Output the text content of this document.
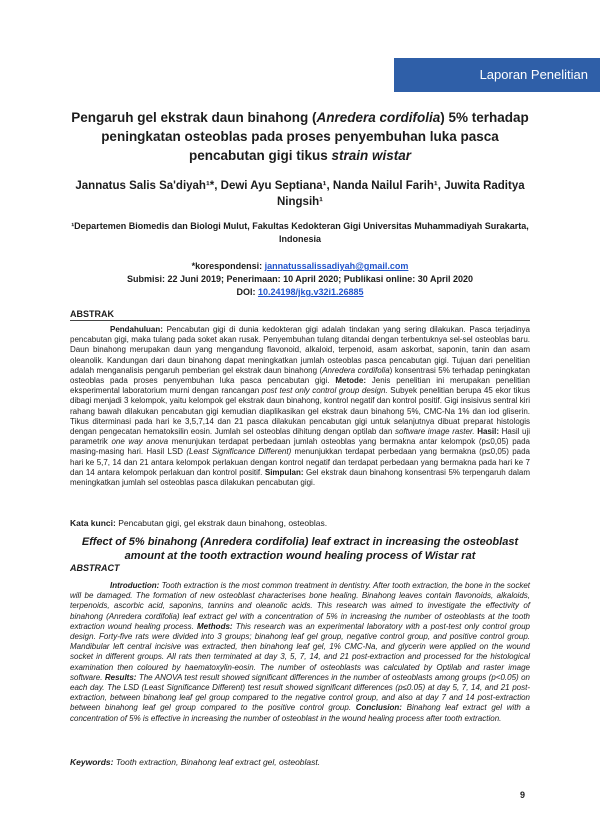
Laporan Penelitian
Pengaruh gel ekstrak daun binahong (Anredera cordifolia) 5% terhadap peningkatan osteoblas pada proses penyembuhan luka pasca pencabutan gigi tikus strain wistar
Jannatus Salis Sa'diyah¹*, Dewi Ayu Septiana¹, Nanda Nailul Farih¹, Juwita Raditya Ningsih¹
¹Departemen Biomedis dan Biologi Mulut, Fakultas Kedokteran Gigi Universitas Muhammadiyah Surakarta, Indonesia
*korespondensi: jannatussalissadiyah@gmail.com
Submisi: 22 Juni 2019; Penerimaan: 10 April 2020; Publikasi online: 30 April 2020
DOI: 10.24198/jkg.v32i1.26885
ABSTRAK
Pendahuluan: Pencabutan gigi di dunia kedokteran gigi adalah tindakan yang sering dilakukan. Pasca terjadinya pencabutan gigi, maka tulang pada soket akan rusak. Penyembuhan tulang ditandai dengan terbentuknya sel-sel osteoblas baru. Daun binahong merupakan daun yang mengandung flavonoid, alkaloid, terpenoid, asam askorbat, saponin, tanin dan asam oleanolik. Kandungan dari daun binahong dapat meningkatkan jumlah osteoblas pasca pencabutan gigi. Tujuan dari penelitian adalah menganalisis pengaruh pemberian gel ekstrak daun binahong (Anredera cordifolia) konsentrasi 5% terhadap peningkatan osteoblas pada proses penyembuhan luka pasca pencabutan gigi. Metode: Jenis penelitian ini merupakan penelitian eksperimental laboratorium murni dengan rancangan post test only control group design. Subyek penelitian berupa 45 ekor tikus dibagi menjadi 3 kelompok, yaitu kelompok gel ekstrak daun binahong, kontrol negatif dan kontrol positif. Gigi insisivus sentral kiri rahang bawah dilakukan pencabutan gigi kemudian diaplikasikan gel ekstrak daun binahong 5%, CMC-Na 1% dan iod gliserin. Tikus diterminasi pada hari ke 3,5,7,14 dan 21 pasca dilakukan pencabutan gigi untuk selanjutnya dibuat preparat histologis dengan pengecatan hematoksilin eosin. Jumlah sel osteoblas dihitung dengan optilab dan software image raster. Hasil: Hasil uji parametrik one way anova menunjukan terdapat perbedaan jumlah osteoblas yang bermakna antar kelompok (p≤0,05) pada masing-masing hari. Hasil LSD (Least Significance Different) menunjukkan terdapat perbedaan yang bermakna (p≤0,05) pada hari ke 5,7, 14 dan 21 antara kelompok perlakuan dengan kontrol negatif dan terdapat perbedaan yang bermakna pada hari ke 7 dan 14 antara kelompok perlakuan dan kontrol positif. Simpulan: Gel ekstrak daun binahong konsentrasi 5% terpengaruh dalam meningkatkan jumlah sel osteoblas pasca dilakukan pencabutan gigi.
Kata kunci: Pencabutan gigi, gel ekstrak daun binahong, osteoblas.
Effect of 5% binahong (Anredera cordifolia) leaf extract in increasing the osteoblast amount at the tooth extraction wound healing process of Wistar rat
ABSTRACT
Introduction: Tooth extraction is the most common treatment in dentistry. After tooth extraction, the bone in the socket will be damaged. The formation of new osteoblast characterises bone healing. Binahong leaves contain flavonoids, alkaloids, terpenoids, ascorbic acid, saponins, tannins and oleanolic acids. This research was aimed to investigate the effectivity of binahong (Anredera cordifolia) leaf extract gel with a concentration of 5% in increasing the number of osteoblasts at the tooth extraction wound healing process. Methods: This research was an experimental laboratory with a post-test only control group design. Forty-five rats were divided into 3 groups; binahong leaf gel group, negative control group, and positive control group. Mandibular left central incisive was extracted, then binahong leaf gel, 1% CMC-Na, and glycerin were applied on the wound socket in different groups. All rats then terminated at day 3, 5, 7, 14, and 21 post-extraction and processed for the histological examination then coloured by haematoxylin-eosin. The number of osteoblasts was calculated by Optilab and raster image software. Results: The ANOVA test result showed significant differences in the number of osteoblasts among groups (p<0.05) on each day. The LSD (Least Significance Different) test result showed significant differences (p≤0.05) at day 5, 7, 14, and 21 post-extraction, between binahong leaf gel group compared to the negative control group, and also at day 7 and 14 post-extraction between binahong leaf gel group compared to the positive control group. Conclusion: Binahong leaf extract gel with a concentration of 5% is effective in increasing the number of osteoblast in the wound healing process after tooth extraction.
Keywords: Tooth extraction, Binahong leaf extract gel, osteoblast.
9
